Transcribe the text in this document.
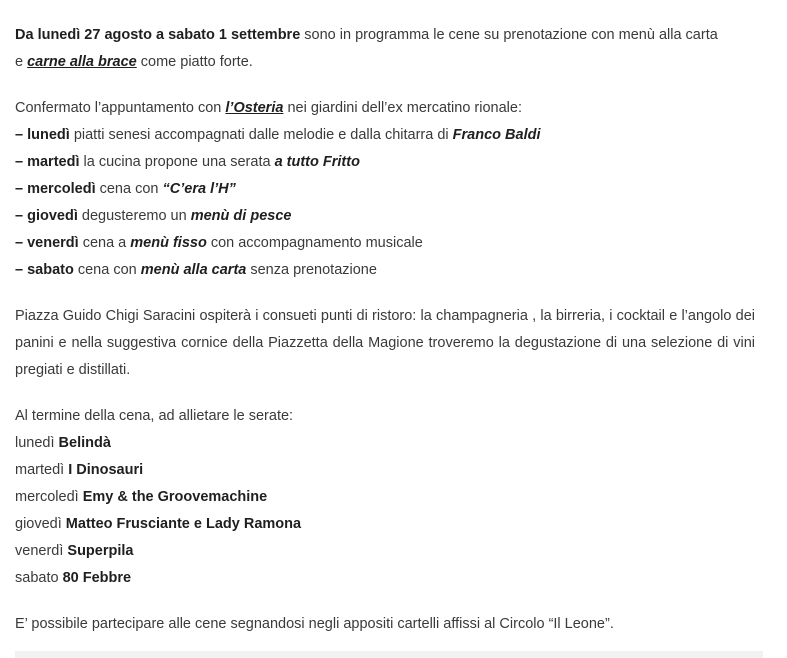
Da lunedì 27 agosto a sabato 1 settembre sono in programma le cene su prenotazione con menù alla carta
e carne alla brace come piatto forte.

Confermato l’appuntamento con l’Osteria nei giardini dell’ex mercatino rionale:
– lunedì piatti senesi accompagnati dalle melodie e dalla chitarra di Franco Baldi
– martedì la cucina propone una serata a tutto Fritto
– mercoledì cena con “C’era l’H”
– giovedì degusteremo un menù di pesce
– venerdì cena a menù fisso con accompagnamento musicale
– sabato cena con menù alla carta senza prenotazione

Piazza Guido Chigi Saracini ospiterà i consueti punti di ristoro: la champagneria , la birreria, i cocktail e l’angolo dei panini e nella suggestiva cornice della Piazzetta della Magione troveremo la degustazione di una selezione di vini pregiati e distillati.

Al termine della cena, ad allietare le serate:
lunedì Belindà
martedì I Dinosauri
mercoledì Emy & the Groovemachine
giovedì Matteo Frusciante e Lady Ramona
venerdì Superpila
sabato 80 Febbre

E’ possibile partecipare alle cene segnandosi negli appositi cartelli affissi al Circolo “Il Leone”.
